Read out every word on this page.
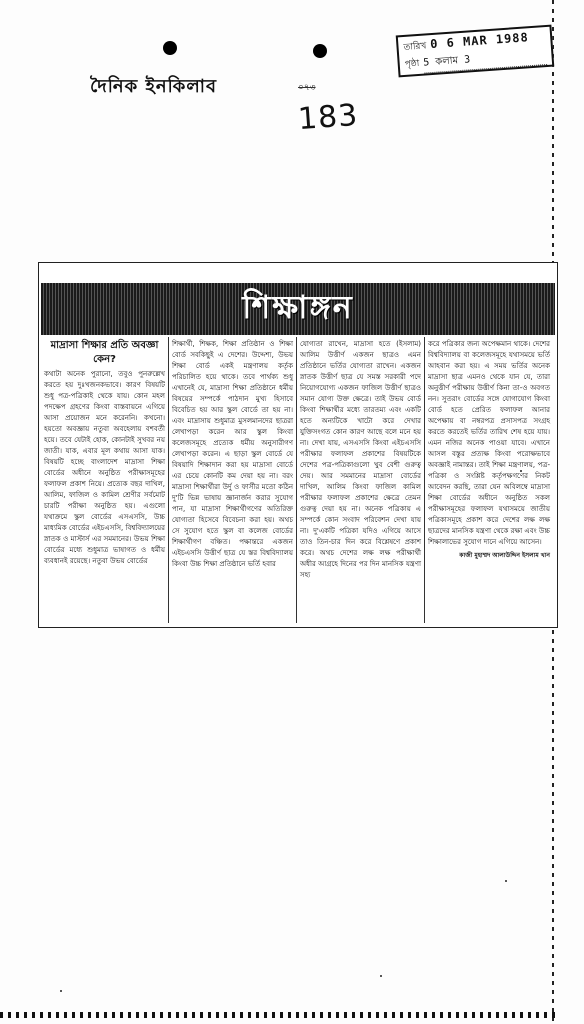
দৈনিক ইনকিলাব	০৭৩
183
তারিখ 0 6 MAR 1988
পৃষ্ঠা 5 কলাম 3
শিক্ষাঙ্গন
মাদ্রাসা শিক্ষার প্রতি অবজ্ঞা কেন?

কথাটা অনেক পুরানো, তবুও পুনরুল্লেখ করতে হয় দুঃখজনকভাবে। কারণ বিষয়টি শুধু পত্র-পত্রিকাই থেকে যায়। কোন মহল পদক্ষেপ গ্রহণের কিংবা বাস্তবায়নে এগিয়ে আসা প্রয়োজন মনে করেননি। কখনো। হয়তো অবজ্ঞায় নতুবা অবহেলায় বশবর্তী হয়ে। তবে যেটাই হোক, কোনটাই সুখবর নয় জাতী। যাক, এবার মূল কথায় আসা যাক। বিষয়টি হচ্ছে বাংলাদেশ মাদ্রাসা শিক্ষা বোর্ডের অধীনে অনুষ্ঠিত পরীক্ষাসমূহের ফলাফল প্রকাশ নিয়ে। প্রত্যেক বছর দাখিল, আলিম, ফাজিল ও কামিল শ্রেণীর সর্বমোট চারটি পরীক্ষা অনুষ্ঠিত হয়। এগুলো যথাক্রমে স্কুল বোর্ডের এসএসসি, উচ্চ মাধ্যমিক বোর্ডের এইচএসসি, বিশ্ববিদ্যালয়ের স্নাতক ও মাস্টার্স এর সমমানের। উভয় শিক্ষা বোর্ডের মধ্যে শুধুমাত্র ভাষাগত ও ধর্মীয় ব্যবধানই রয়েছে। নতুবা উভয় বোর্ডের

শিক্ষার্থী, শিক্ষক, শিক্ষা প্রতিষ্ঠান ও শিক্ষা বোর্ড সবকিছুই এ দেশের। উদ্দেশ্য, উভয় শিক্ষা বোর্ড একই মন্ত্রণালয় কর্তৃক পরিচালিত হয়ে থাকে। তবে পার্থক্য শুধু এখানেই যে, মাদ্রাসা শিক্ষা প্রতিষ্ঠানে ধর্মীয় বিষয়ের সম্পর্কে পাঠদান মুখ্য হিসাবে বিবেচিত হয় আর স্কুল বোর্ডে তা হয় না। এবং মাদ্রাসায় শুধুমাত্র মুসলমানদের ছাত্ররা লেখাপড়া করেন আর স্কুল কিংবা কলেজসমূহে প্রত্যেক ধর্মীয় অনুসারীগণ লেখাপড়া করেন। এ ছাড়া স্কুল বোর্ডে যে বিষয়াদি শিক্ষাদান করা হয় মাদ্রাসা বোর্ডে এর চেয়ে কোনটি কম দেয়া হয় না। বরং মাদ্রাসা শিক্ষার্থীরা উর্দু ও ফার্সীর মতো কঠিন দু'টি ভিন্ন ভাষায় জ্ঞানার্জন করার সুযোগ পান, যা মাদ্রাসা শিক্ষার্থীগণের অতিরিক্ত যোগ্যতা হিসেবে বিবেচনা করা হয়। অথচ সে সুযোগ হতে স্কুল বা কলেজ বোর্ডের শিক্ষার্থীগণ বঞ্চিত। পক্ষান্তরে একজন এইচএসসি উত্তীর্ণ ছাত্র যে স্তর বিশ্ববিদ্যালয় কিংবা উচ্চ শিক্ষা প্রতিষ্ঠানে ভর্তি হবার

যোগ্যতা রাখেন, মাদ্রাসা হতে (ইসলাম) আলিম উত্তীর্ণ একজন ছাত্রও এমন প্রতিষ্ঠানে ভর্তির যোগ্যতা রাখেন। একজন স্নাতক উত্তীর্ণ ছাত্র যে সমস্ত সরকারী পদে নিয়োগযোগ্য একজন ফাজিল উত্তীর্ণ ছাত্রও সমান যোগ্য উক্ত ক্ষেত্রে। তাই উভয় বোর্ড কিংবা শিক্ষার্থীর মধ্যে তারতম্য এবং একটি হতে অন্যটিকে খাটো করে দেখার যুক্তিসংগত কোন কারণ আছে বলে মনে হয় না। দেখা যায়, এসএসসি কিংবা এইচএসসি পরীক্ষার ফলাফল প্রকাশের বিষয়টিকে দেশের পত্র-পত্রিকাগুলো খুব বেশী গুরুত্ব দেয়। আর সমমানের মাদ্রাসা বোর্ডের দাখিল, আলিম কিংবা ফাজিল কামিল পরীক্ষার ফলাফল প্রকাশের ক্ষেত্রে তেমন গুরুত্ব দেয়া হয় না। অনেক পত্রিকায় এ সম্পর্কে কোন সংবাদ পরিবেশন দেখা যায় না। দু'একটি পত্রিকা যদিও এগিয়ে আসে তাও তিন-চার দিন করে বিশ্লেষণে প্রকাশ করে। অথচ দেশের লক্ষ লক্ষ পরীক্ষার্থী অধীর আগ্রহে দিনের পর দিন মানসিক যন্ত্রণা সহ্য

করে পত্রিকার জন্য অপেক্ষমান থাকে। দেশের বিশ্ববিদ্যালয় বা কলেজসমূহে যথাসময়ে ভর্তি আহবান করা হয়। এ সময় ভর্তির অনেক মাদ্রাসা ছাত্র এমনও থেকে যান যে, তারা অনুত্তীর্ণ পরীক্ষায় উত্তীর্ণ কিনা তা-ও অবগত নন। সুতরাং বোর্ডের সঙ্গে যোগাযোগ কিংবা বোর্ড হতে প্রেরিত ফলাফল আনার অপেক্ষায় বা নম্বরপত্র প্রসাসপত্র সংগ্রহ করতে করতেই ভর্তির তারিখ শেষ হয়ে যায়। এমন নজির অনেক পাওয়া যাবে। এখানে আসল বস্তুর প্রত্যক্ষ কিংবা পরোক্ষভাবে অবজ্ঞাই নামান্তর। তাই শিক্ষা মন্ত্রণালয়, পত্র-পত্রিকা ও সংশ্লিষ্ট কর্তৃপক্ষগণের নিকট আবেদন করছি, তারা যেন অবিলম্বে মাদ্রাসা শিক্ষা বোর্ডের অধীনে অনুষ্ঠিত সকল পরীক্ষাসমূহের ফলাফল যথাসময়ে জাতীয় পত্রিকাসমূহে প্রকাশ করে দেশের লক্ষ লক্ষ ছাত্রদের মানসিক যন্ত্রণা থেকে রক্ষা এবং উচ্চ শিক্ষালাভের সুযোগ দানে এগিয়ে আসেন।

কাজী মুহাম্মদ আলাউদ্দিন ইসলাম খান
